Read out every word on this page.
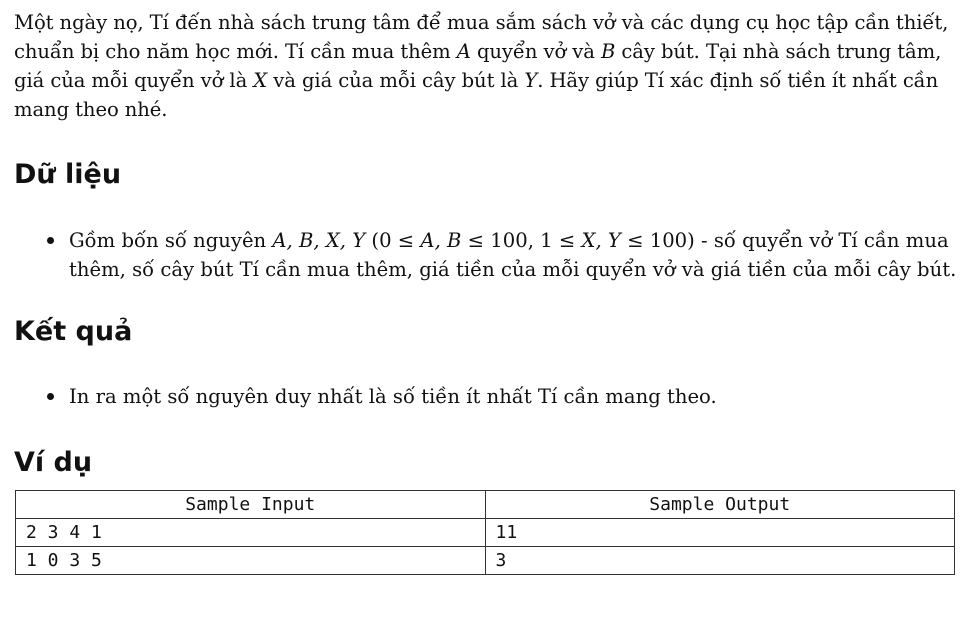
Một ngày nọ, Tí đến nhà sách trung tâm để mua sắm sách vở và các dụng cụ học tập cần thiết, chuẩn bị cho năm học mới. Tí cần mua thêm A quyển vở và B cây bút. Tại nhà sách trung tâm, giá của mỗi quyển vở là X và giá của mỗi cây bút là Y. Hãy giúp Tí xác định số tiền ít nhất cần mang theo nhé.

Dữ liệu
Gồm bốn số nguyên A, B, X, Y (0 ≤ A, B ≤ 100, 1 ≤ X, Y ≤ 100) - số quyển vở Tí cần mua thêm, số cây bút Tí cần mua thêm, giá tiền của mỗi quyển vở và giá tiền của mỗi cây bút.
Kết quả
In ra một số nguyên duy nhất là số tiền ít nhất Tí cần mang theo.
Ví dụ
Sample Input	Sample Output
2 3 4 1	11
1 0 3 5	3
